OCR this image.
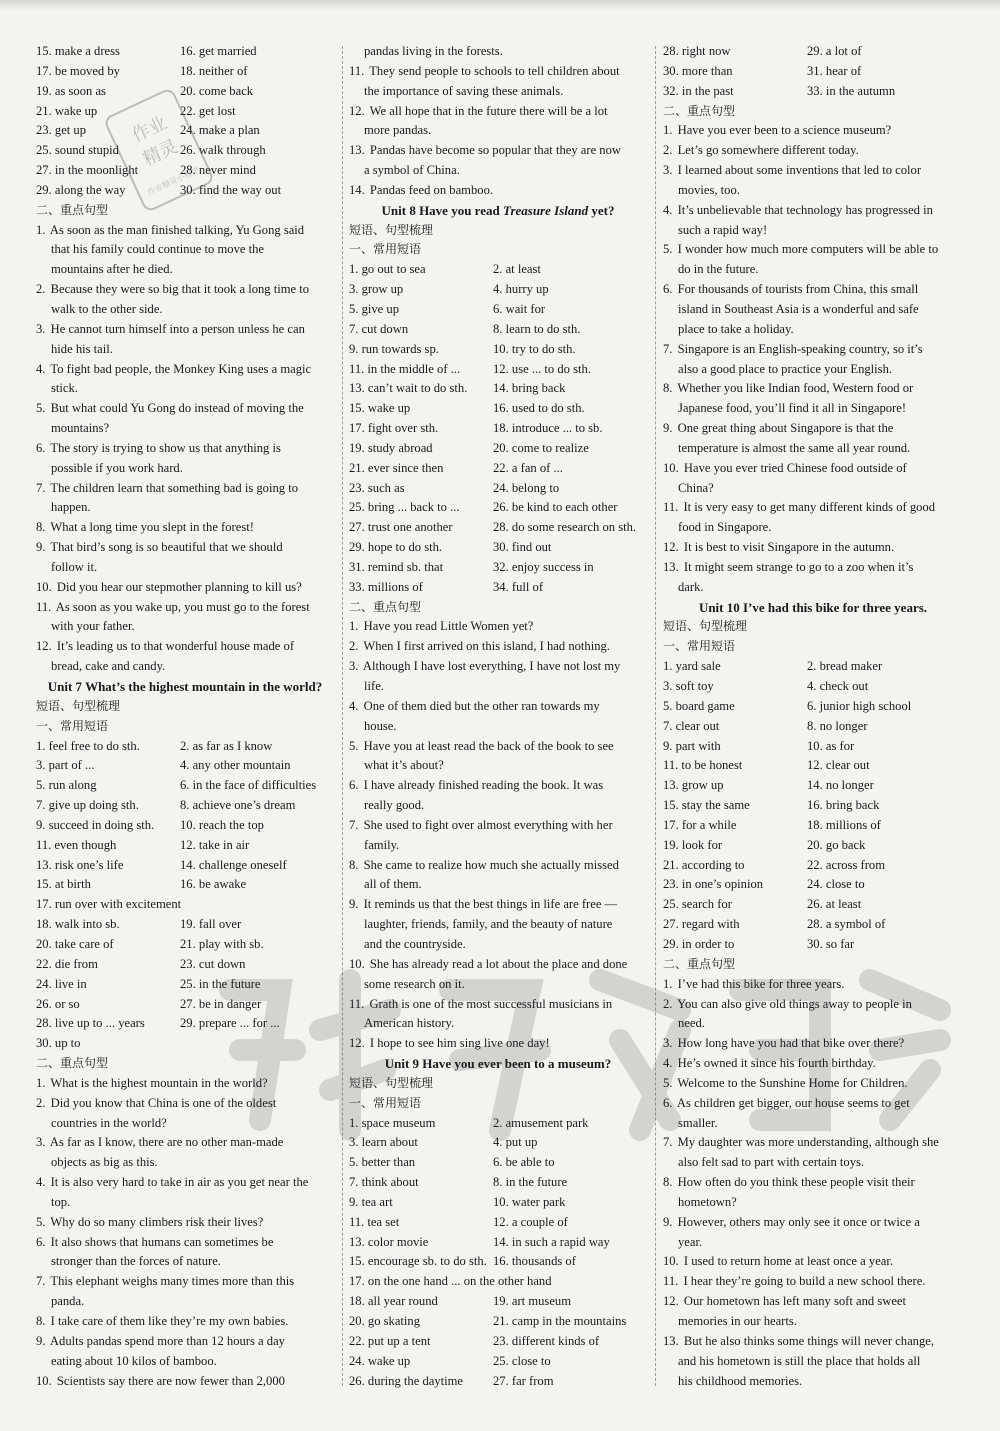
15. make a dress	16. get married
17. be moved by	18. neither of
19. as soon as	20. come back
21. wake up	22. get lost
23. get up	24. make a plan
25. sound stupid	26. walk through
27. in the moonlight	28. never mind
29. along the way	30. find the way out
二、重点句型
1. As soon as the man finished talking, Yu Gong said
that his family could continue to move the
mountains after he died.
2. Because they were so big that it took a long time to
walk to the other side.
3. He cannot turn himself into a person unless he can
hide his tail.
4. To fight bad people, the Monkey King uses a magic
stick.
5. But what could Yu Gong do instead of moving the
mountains?
6. The story is trying to show us that anything is
possible if you work hard.
7. The children learn that something bad is going to
happen.
8. What a long time you slept in the forest!
9. That bird’s song is so beautiful that we should
follow it.
10. Did you hear our stepmother planning to kill us?
11. As soon as you wake up, you must go to the forest
with your father.
12. It’s leading us to that wonderful house made of
bread, cake and candy.
Unit 7 What’s the highest mountain in the world?
短语、句型梳理
一、常用短语
1. feel free to do sth.	2. as far as I know
3. part of ...	4. any other mountain
5. run along	6. in the face of difficulties
7. give up doing sth.	8. achieve one’s dream
9. succeed in doing sth.	10. reach the top
11. even though	12. take in air
13. risk one’s life	14. challenge oneself
15. at birth	16. be awake
17. run over with excitement
18. walk into sb.	19. fall over
20. take care of	21. play with sb.
22. die from	23. cut down
24. live in	25. in the future
26. or so	27. be in danger
28. live up to ... years	29. prepare ... for ...
30. up to
二、重点句型
1. What is the highest mountain in the world?
2. Did you know that China is one of the oldest
countries in the world?
3. As far as I know, there are no other man-made
objects as big as this.
4. It is also very hard to take in air as you get near the
top.
5. Why do so many climbers risk their lives?
6. It also shows that humans can sometimes be
stronger than the forces of nature.
7. This elephant weighs many times more than this
panda.
8. I take care of them like they’re my own babies.
9. Adults pandas spend more than 12 hours a day
eating about 10 kilos of bamboo.
10. Scientists say there are now fewer than 2,000
pandas living in the forests.
11. They send people to schools to tell children about
the importance of saving these animals.
12. We all hope that in the future there will be a lot
more pandas.
13. Pandas have become so popular that they are now
a symbol of China.
14. Pandas feed on bamboo.
Unit 8 Have you read Treasure Island yet?
短语、句型梳理
一、常用短语
1. go out to sea	2. at least
3. grow up	4. hurry up
5. give up	6. wait for
7. cut down	8. learn to do sth.
9. run towards sp.	10. try to do sth.
11. in the middle of ...	12. use ... to do sth.
13. can’t wait to do sth.	14. bring back
15. wake up	16. used to do sth.
17. fight over sth.	18. introduce ... to sb.
19. study abroad	20. come to realize
21. ever since then	22. a fan of ...
23. such as	24. belong to
25. bring ... back to ...	26. be kind to each other
27. trust one another	28. do some research on sth.
29. hope to do sth.	30. find out
31. remind sb. that	32. enjoy success in
33. millions of	34. full of
二、重点句型
1. Have you read Little Women yet?
2. When I first arrived on this island, I had nothing.
3. Although I have lost everything, I have not lost my
life.
4. One of them died but the other ran towards my
house.
5. Have you at least read the back of the book to see
what it’s about?
6. I have already finished reading the book. It was
really good.
7. She used to fight over almost everything with her
family.
8. She came to realize how much she actually missed
all of them.
9. It reminds us that the best things in life are free —
laughter, friends, family, and the beauty of nature
and the countryside.
10. She has already read a lot about the place and done
some research on it.
11. Grath is one of the most successful musicians in
American history.
12. I hope to see him sing live one day!
Unit 9 Have you ever been to a museum?
短语、句型梳理
一、常用短语
1. space museum	2. amusement park
3. learn about	4. put up
5. better than	6. be able to
7. think about	8. in the future
9. tea art	10. water park
11. tea set	12. a couple of
13. color movie	14. in such a rapid way
15. encourage sb. to do sth. 16. thousands of
17. on the one hand ... on the other hand
18. all year round	19. art museum
20. go skating	21. camp in the mountains
22. put up a tent	23. different kinds of
24. wake up	25. close to
26. during the daytime	27. far from
28. right now	29. a lot of
30. more than	31. hear of
32. in the past	33. in the autumn
二、重点句型
1. Have you ever been to a science museum?
2. Let’s go somewhere different today.
3. I learned about some inventions that led to color
movies, too.
4. It’s unbelievable that technology has progressed in
such a rapid way!
5. I wonder how much more computers will be able to
do in the future.
6. For thousands of tourists from China, this small
island in Southeast Asia is a wonderful and safe
place to take a holiday.
7. Singapore is an English-speaking country, so it’s
also a good place to practice your English.
8. Whether you like Indian food, Western food or
Japanese food, you’ll find it all in Singapore!
9. One great thing about Singapore is that the
temperature is almost the same all year round.
10. Have you ever tried Chinese food outside of
China?
11. It is very easy to get many different kinds of good
food in Singapore.
12. It is best to visit Singapore in the autumn.
13. It might seem strange to go to a zoo when it’s
dark.
Unit 10 I’ve had this bike for three years.
短语、句型梳理
一、常用短语
1. yard sale	2. bread maker
3. soft toy	4. check out
5. board game	6. junior high school
7. clear out	8. no longer
9. part with	10. as for
11. to be honest	12. clear out
13. grow up	14. no longer
15. stay the same	16. bring back
17. for a while	18. millions of
19. look for	20. go back
21. according to	22. across from
23. in one’s opinion	24. close to
25. search for	26. at least
27. regard with	28. a symbol of
29. in order to	30. so far
二、重点句型
1. I’ve had this bike for three years.
2. You can also give old things away to people in
need.
3. How long have you had that bike over there?
4. He’s owned it since his fourth birthday.
5. Welcome to the Sunshine Home for Children.
6. As children get bigger, our house seems to get
smaller.
7. My daughter was more understanding, although she
also felt sad to part with certain toys.
8. How often do you think these people visit their
hometown?
9. However, others may only see it once or twice a
year.
10. I used to return home at least once a year.
11. I hear they’re going to build a new school there.
12. Our hometown has left many soft and sweet
memories in our hearts.
13. But he also thinks some things will never change,
and his hometown is still the place that holds all
his childhood memories.
作业
精灵
作业精灵小程序
